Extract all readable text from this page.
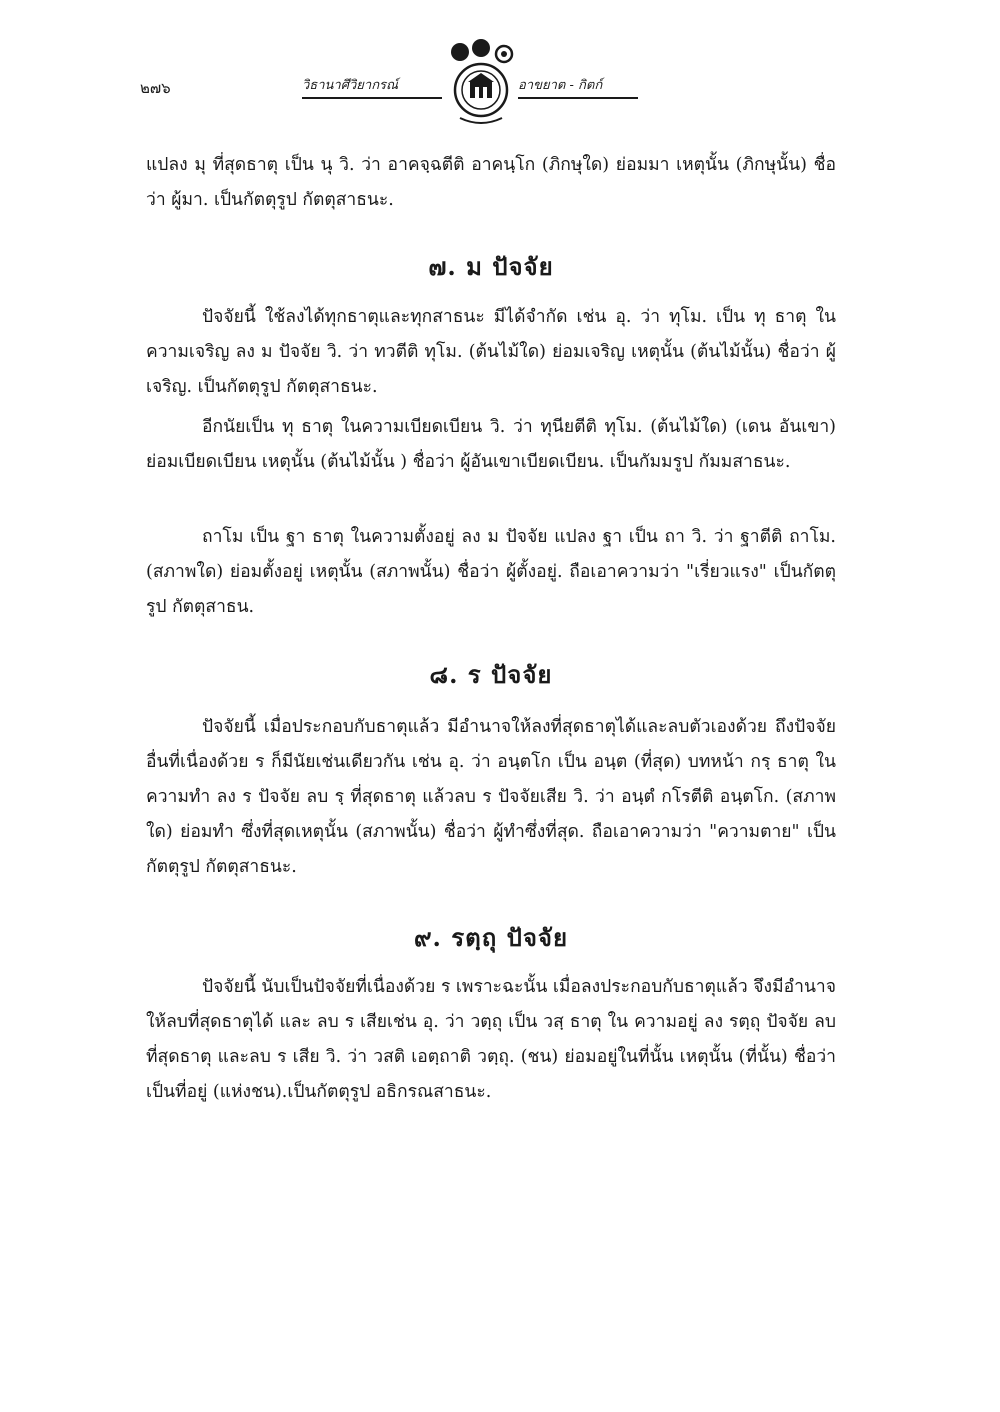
๒๗๖	วิธานาศึวิยากรณ์	อาขยาต - กิตก์
แปลง มุ ที่สุดธาตุ เป็น นุ วิ. ว่า อาคจฺฉตีติ อาคนฺโก (ภิกษุใด) ย่อมมา เหตุนั้น (ภิกษุนั้น) ชื่อว่า ผู้มา. เป็นกัตตุรูป กัตตุสาธนะ.
๗. ม ปัจจัย
ปัจจัยนี้ ใช้ลงได้ทุกธาตุและทุกสาธนะ มีได้จำกัด เช่น อุ. ว่า ทุโม. เป็น ทุ ธาตุ ในความเจริญ ลง ม ปัจจัย วิ. ว่า ทวตีติ ทุโม. (ต้นไม้ใด) ย่อมเจริญ เหตุนั้น (ต้นไม้นั้น) ชื่อว่า ผู้เจริญ. เป็นกัตตุรูป กัตตุสาธนะ.
อีกนัยเป็น ทุ ธาตุ ในความเบียดเบียน วิ. ว่า ทุนียตีติ ทุโม. (ต้นไม้ใด) (เดน อันเขา) ย่อมเบียดเบียน เหตุนั้น (ต้นไม้นั้น ) ชื่อว่า ผู้อันเขาเบียดเบียน. เป็นกัมมรูป กัมมสาธนะ.
ถาโม เป็น ฐา ธาตุ ในความตั้งอยู่ ลง ม ปัจจัย แปลง ฐา เป็น ถา วิ. ว่า ฐาตีติ ถาโม. (สภาพใด) ย่อมตั้งอยู่ เหตุนั้น (สภาพนั้น) ชื่อว่า ผู้ตั้งอยู่. ถือเอาความว่า "เรี่ยวแรง" เป็นกัตตุรูป กัตตุสาธน.
๘. ร ปัจจัย
ปัจจัยนี้ เมื่อประกอบกับธาตุแล้ว มีอำนาจให้ลงที่สุดธาตุได้และลบตัวเองด้วย ถึงปัจจัยอื่นที่เนื่องด้วย ร ก็มีนัยเช่นเดียวกัน เช่น อุ. ว่า อนฺตโก เป็น อนฺต (ที่สุด) บทหน้า กรฺ ธาตุ ในความทำ ลง ร ปัจจัย ลบ รฺ ที่สุดธาตุ แล้วลบ ร ปัจจัยเสีย วิ. ว่า อนฺตํ กโรตีติ อนฺตโก. (สภาพใด) ย่อมทำ ซึ่งที่สุดเหตุนั้น (สภาพนั้น) ชื่อว่า ผู้ทำซึ่งที่สุด. ถือเอาความว่า "ความตาย" เป็นกัตตุรูป กัตตุสาธนะ.
๙. รตฺถุ ปัจจัย
ปัจจัยนี้ นับเป็นปัจจัยที่เนื่องด้วย ร เพราะฉะนั้น เมื่อลงประกอบกับธาตุแล้ว จึงมีอำนาจให้ลบที่สุดธาตุได้ และ ลบ ร เสียเช่น อุ. ว่า วตฺถุ เป็น วสฺ ธาตุ ใน ความอยู่ ลง รตฺถุ ปัจจัย ลบที่สุดธาตุ และลบ ร เสีย วิ. ว่า วสติ เอตฺถาติ วตฺถุ. (ชน) ย่อมอยู่ในที่นั้น เหตุนั้น (ที่นั้น) ชื่อว่า เป็นที่อยู่ (แห่งชน).เป็นกัตตุรูป อธิกรณสาธนะ.
